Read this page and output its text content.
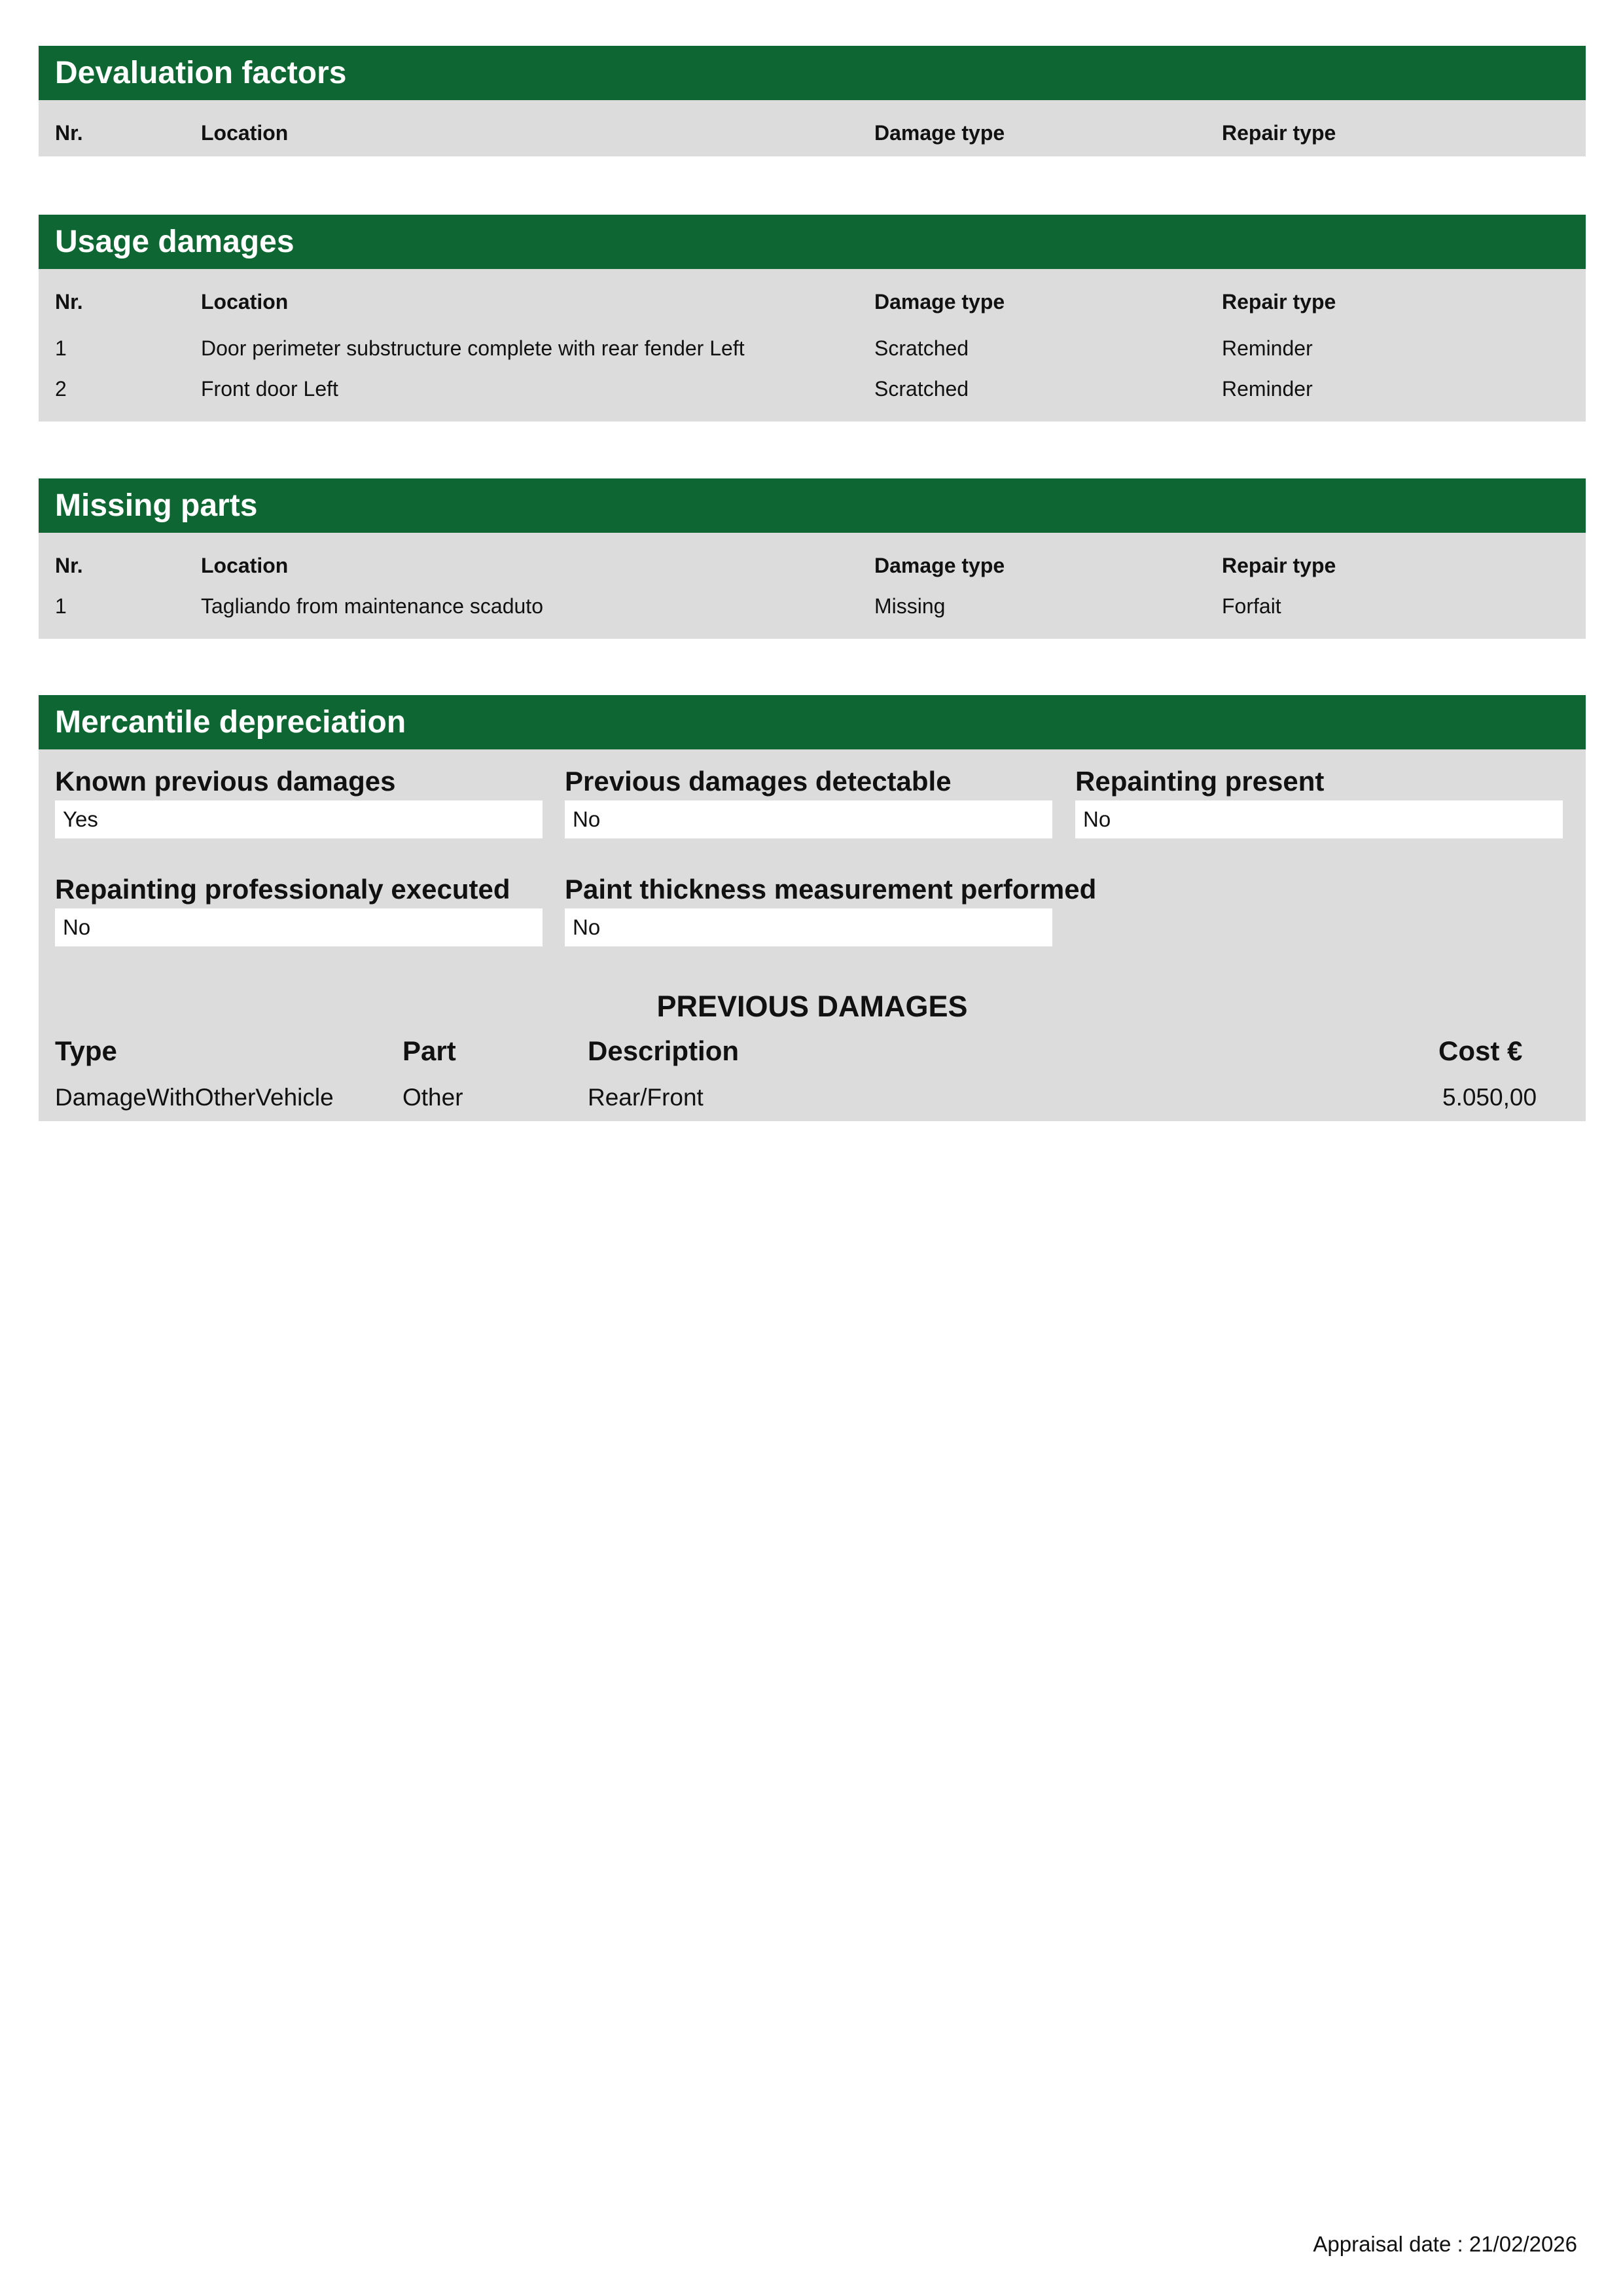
Devaluation factors
Nr.	Location	Damage type	Repair type
Usage damages
Nr.	Location	Damage type	Repair type
1	Door perimeter substructure complete with rear fender Left	Scratched	Reminder
2	Front door Left	Scratched	Reminder
Missing parts
Nr.	Location	Damage type	Repair type
1	Tagliando from maintenance scaduto	Missing	Forfait
Mercantile depreciation
Known previous damages
Yes
Previous damages detectable
No
Repainting present
No
Repainting professionaly executed
No
Paint thickness measurement performed
No
PREVIOUS DAMAGES
Type	Part	Description	Cost €
DamageWithOtherVehicle	Other	Rear/Front	5.050,00
Appraisal date : 21/02/2026
